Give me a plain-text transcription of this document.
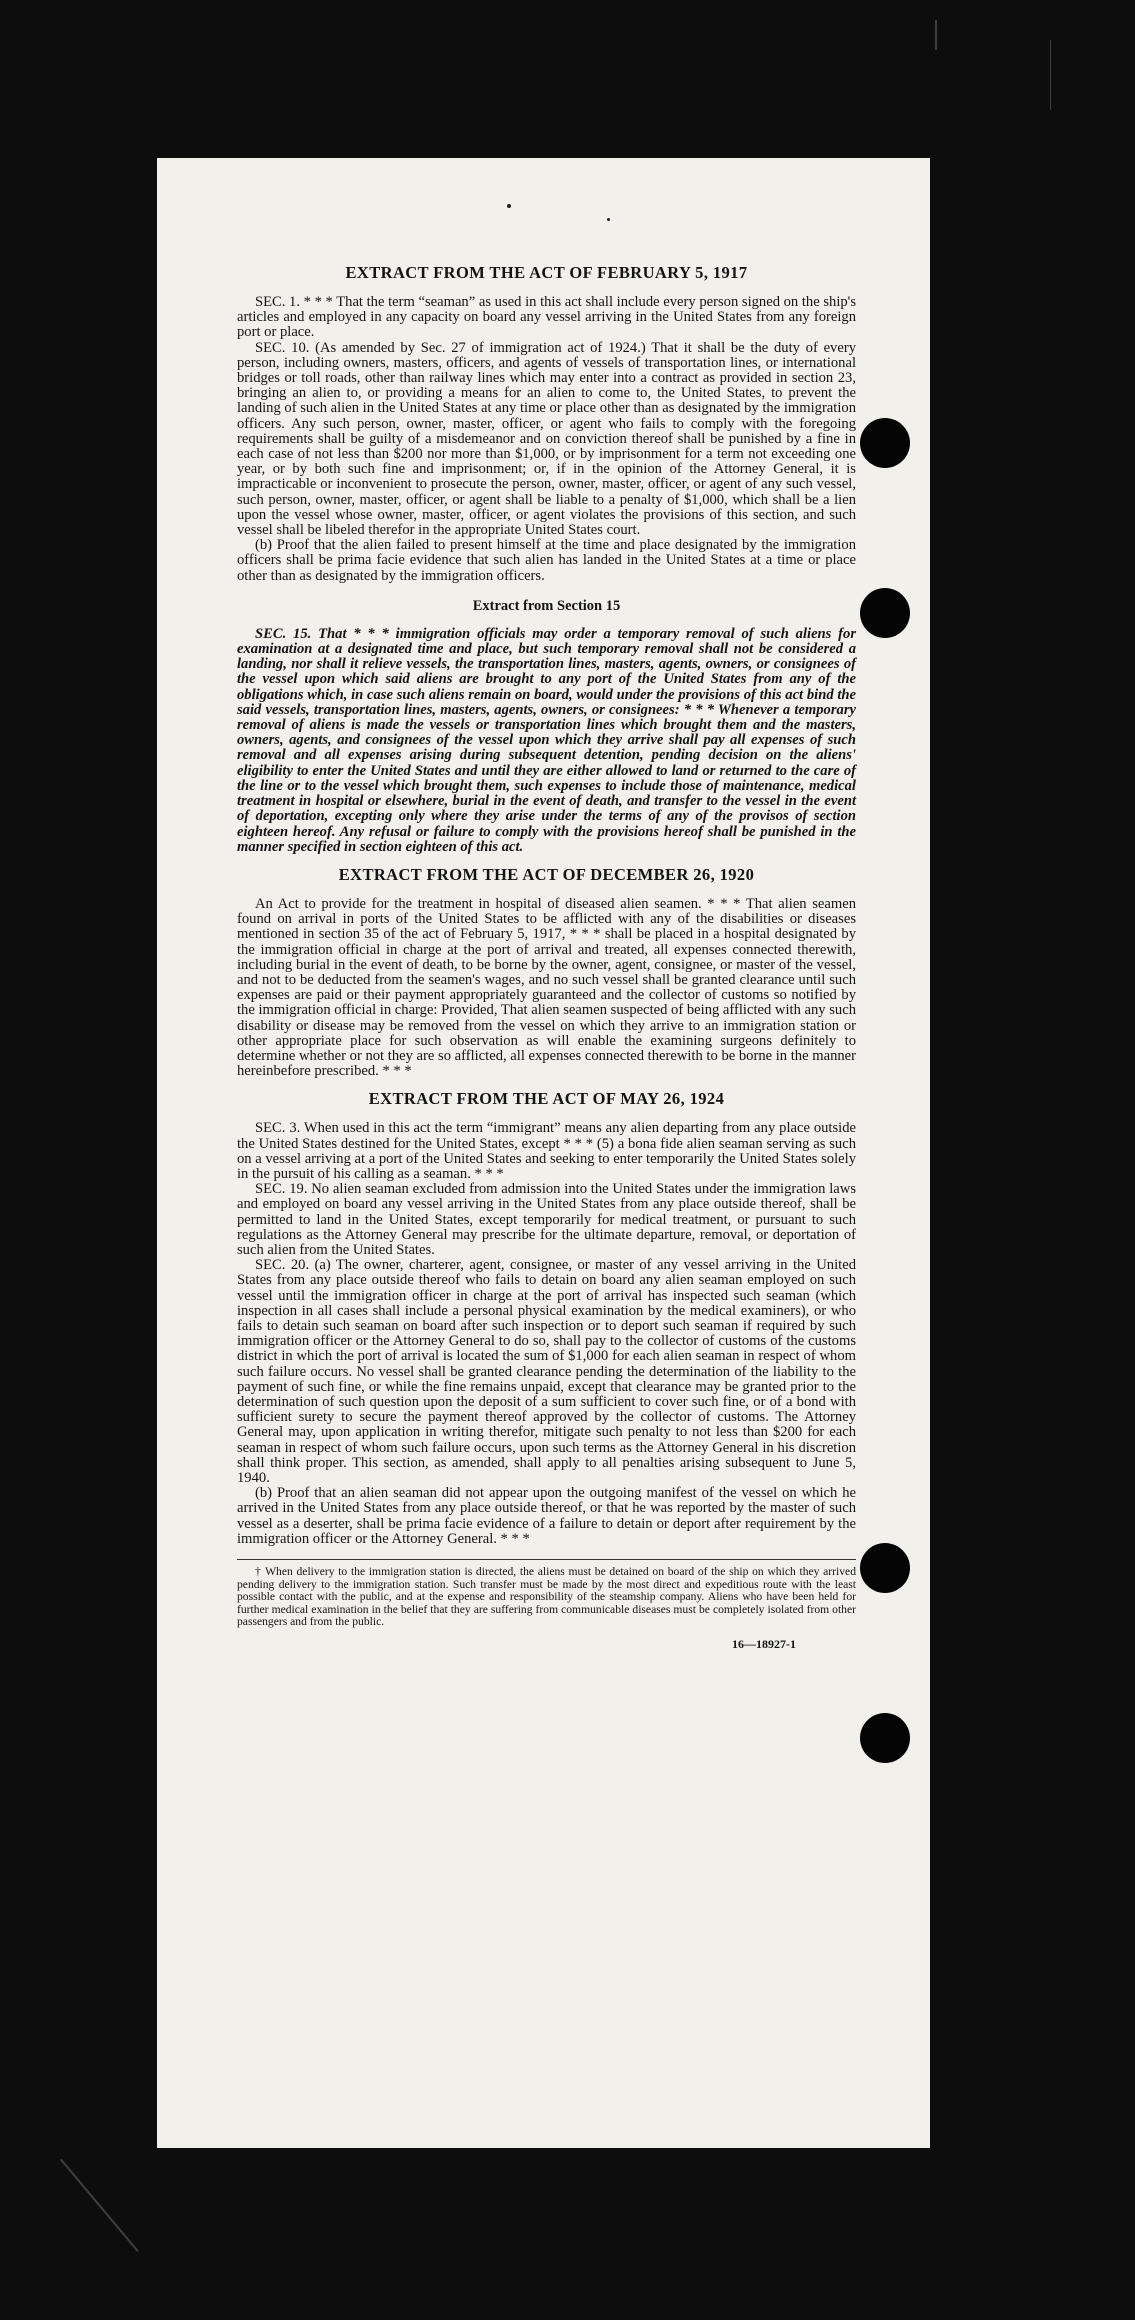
EXTRACT FROM THE ACT OF FEBRUARY 5, 1917

SEC. 1. * * * That the term “seaman” as used in this act shall include every person signed on the ship's articles and employed in any capacity on board any vessel arriving in the United States from any foreign port or place.

SEC. 10. (As amended by Sec. 27 of immigration act of 1924.) That it shall be the duty of every person, including owners, masters, officers, and agents of vessels of transportation lines, or international bridges or toll roads, other than railway lines which may enter into a contract as provided in section 23, bringing an alien to, or providing a means for an alien to come to, the United States, to prevent the landing of such alien in the United States at any time or place other than as designated by the immigration officers. Any such person, owner, master, officer, or agent who fails to comply with the foregoing requirements shall be guilty of a misdemeanor and on conviction thereof shall be punished by a fine in each case of not less than $200 nor more than $1,000, or by imprisonment for a term not exceeding one year, or by both such fine and imprisonment; or, if in the opinion of the Attorney General, it is impracticable or inconvenient to prosecute the person, owner, master, officer, or agent of any such vessel, such person, owner, master, officer, or agent shall be liable to a penalty of $1,000, which shall be a lien upon the vessel whose owner, master, officer, or agent violates the provisions of this section, and such vessel shall be libeled therefor in the appropriate United States court.

(b) Proof that the alien failed to present himself at the time and place designated by the immigration officers shall be prima facie evidence that such alien has landed in the United States at a time or place other than as designated by the immigration officers.

Extract from Section 15

SEC. 15. That * * * immigration officials may order a temporary removal of such aliens for examination at a designated time and place, but such temporary removal shall not be considered a landing, nor shall it relieve vessels, the transportation lines, masters, agents, owners, or consignees of the vessel upon which said aliens are brought to any port of the United States from any of the obligations which, in case such aliens remain on board, would under the provisions of this act bind the said vessels, transportation lines, masters, agents, owners, or consignees: * * * Whenever a temporary removal of aliens is made the vessels or transportation lines which brought them and the masters, owners, agents, and consignees of the vessel upon which they arrive shall pay all expenses of such removal and all expenses arising during subsequent detention, pending decision on the aliens' eligibility to enter the United States and until they are either allowed to land or returned to the care of the line or to the vessel which brought them, such expenses to include those of maintenance, medical treatment in hospital or elsewhere, burial in the event of death, and transfer to the vessel in the event of deportation, excepting only where they arise under the terms of any of the provisos of section eighteen hereof. Any refusal or failure to comply with the provisions hereof shall be punished in the manner specified in section eighteen of this act.

EXTRACT FROM THE ACT OF DECEMBER 26, 1920

An Act to provide for the treatment in hospital of diseased alien seamen. * * * That alien seamen found on arrival in ports of the United States to be afflicted with any of the disabilities or diseases mentioned in section 35 of the act of February 5, 1917, * * * shall be placed in a hospital designated by the immigration official in charge at the port of arrival and treated, all expenses connected therewith, including burial in the event of death, to be borne by the owner, agent, consignee, or master of the vessel, and not to be deducted from the seamen's wages, and no such vessel shall be granted clearance until such expenses are paid or their payment appropriately guaranteed and the collector of customs so notified by the immigration official in charge: Provided, That alien seamen suspected of being afflicted with any such disability or disease may be removed from the vessel on which they arrive to an immigration station or other appropriate place for such observation as will enable the examining surgeons definitely to determine whether or not they are so afflicted, all expenses connected therewith to be borne in the manner hereinbefore prescribed. * * *

EXTRACT FROM THE ACT OF MAY 26, 1924

SEC. 3. When used in this act the term “immigrant” means any alien departing from any place outside the United States destined for the United States, except * * * (5) a bona fide alien seaman serving as such on a vessel arriving at a port of the United States and seeking to enter temporarily the United States solely in the pursuit of his calling as a seaman. * * *

SEC. 19. No alien seaman excluded from admission into the United States under the immigration laws and employed on board any vessel arriving in the United States from any place outside thereof, shall be permitted to land in the United States, except temporarily for medical treatment, or pursuant to such regulations as the Attorney General may prescribe for the ultimate departure, removal, or deportation of such alien from the United States.

SEC. 20. (a) The owner, charterer, agent, consignee, or master of any vessel arriving in the United States from any place outside thereof who fails to detain on board any alien seaman employed on such vessel until the immigration officer in charge at the port of arrival has inspected such seaman (which inspection in all cases shall include a personal physical examination by the medical examiners), or who fails to detain such seaman on board after such inspection or to deport such seaman if required by such immigration officer or the Attorney General to do so, shall pay to the collector of customs of the customs district in which the port of arrival is located the sum of $1,000 for each alien seaman in respect of whom such failure occurs. No vessel shall be granted clearance pending the determination of the liability to the payment of such fine, or while the fine remains unpaid, except that clearance may be granted prior to the determination of such question upon the deposit of a sum sufficient to cover such fine, or of a bond with sufficient surety to secure the payment thereof approved by the collector of customs. The Attorney General may, upon application in writing therefor, mitigate such penalty to not less than $200 for each seaman in respect of whom such failure occurs, upon such terms as the Attorney General in his discretion shall think proper. This section, as amended, shall apply to all penalties arising subsequent to June 5, 1940.

(b) Proof that an alien seaman did not appear upon the outgoing manifest of the vessel on which he arrived in the United States from any place outside thereof, or that he was reported by the master of such vessel as a deserter, shall be prima facie evidence of a failure to detain or deport after requirement by the immigration officer or the Attorney General. * * *

† When delivery to the immigration station is directed, the aliens must be detained on board of the ship on which they arrived pending delivery to the immigration station. Such transfer must be made by the most direct and expeditious route with the least possible contact with the public, and at the expense and responsibility of the steamship company. Aliens who have been held for further medical examination in the belief that they are suffering from communicable diseases must be completely isolated from other passengers and from the public.
16—18927-1
